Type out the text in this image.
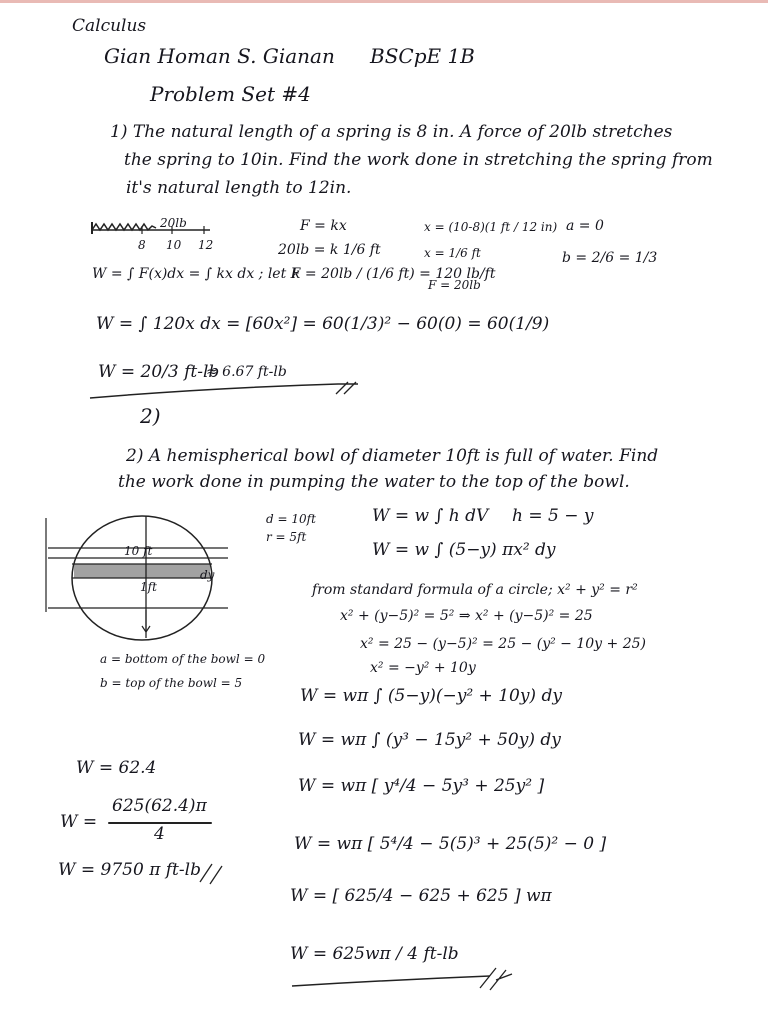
Calculus
Gian Homan S. Gianan BSCpE 1B
Problem Set #4
1) The natural length of a spring is 8 in. A force of 20lb stretches
the spring to 10in. Find the work done in stretching the spring from
it's natural length to 12in.
20lb
8 10 12
F = kx
20lb = k 1/6 ft
x = (10-8)(1 ft / 12 in)
x = 1/6 ft
a = 0
b = 2/6 = 1/3
W = ∫ F(x)dx = ∫ kx dx ; let F
k = 20lb / (1/6 ft) = 120 lb/ft
F = 20lb
W = ∫ 120x dx = [60x²] = 60(1/3)² − 60(0) = 60(1/9)
W = 20/3 ft-lb
≈ 6.67 ft-lb
2)
2) A hemispherical bowl of diameter 10ft is full of water. Find
the work done in pumping the water to the top of the bowl.
10 ft
dy
1ft
d = 10ft
r = 5ft
W = w ∫ h dV h = 5 − y
W = w ∫ (5−y) πx² dy
from standard formula of a circle; x² + y² = r²
x² + (y−5)² = 5² ⇒ x² + (y−5)² = 25
x² = 25 − (y−5)² = 25 − (y² − 10y + 25)
x² = −y² + 10y
a = bottom of the bowl = 0
b = top of the bowl = 5
W = wπ ∫ (5−y)(−y² + 10y) dy
W = wπ ∫ (y³ − 15y² + 50y) dy
W = wπ [ y⁴/4 − 5y³ + 25y² ]
W = wπ [ 5⁴/4 − 5(5)³ + 25(5)² − 0 ]
W = [ 625/4 − 625 + 625 ] wπ
W = 625wπ / 4 ft-lb
W = 62.4
W =
625(62.4)π
4
W = 9750 π ft-lb
